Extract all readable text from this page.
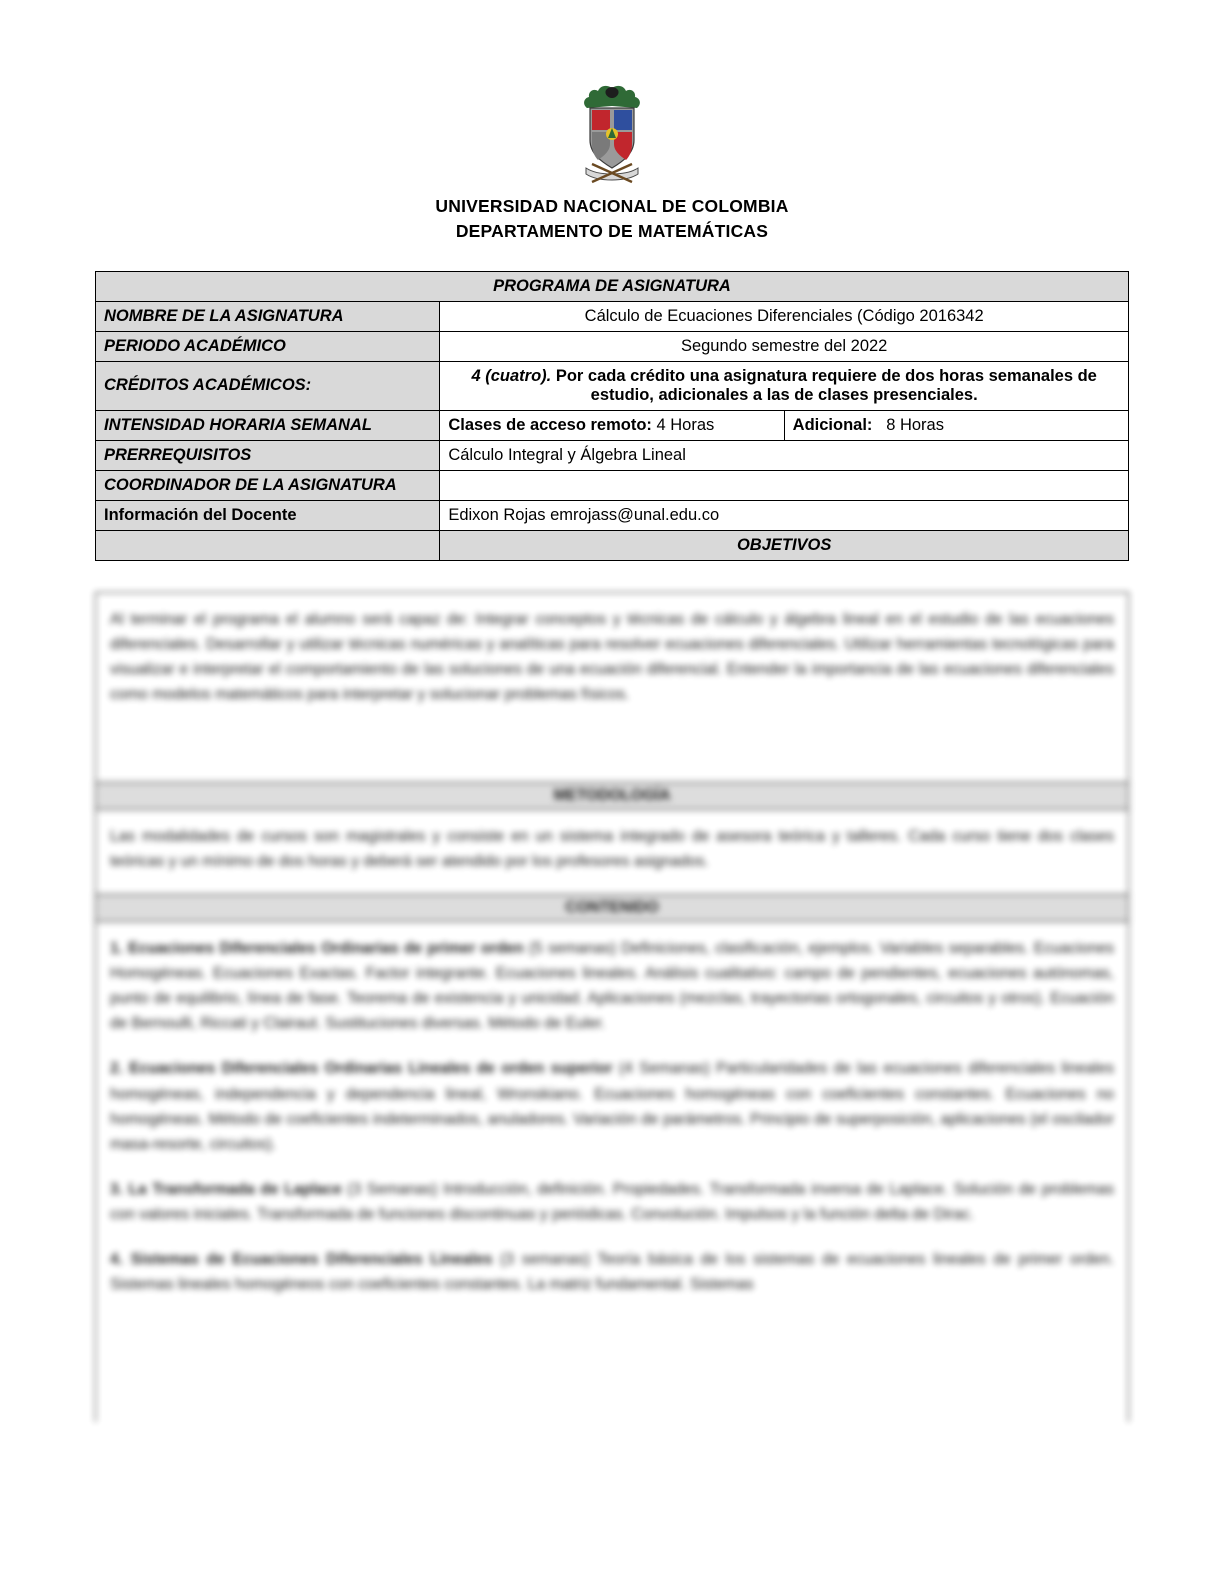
UNIVERSIDAD NACIONAL DE COLOMBIA
DEPARTAMENTO DE MATEMÁTICAS
PROGRAMA DE ASIGNATURA		
NOMBRE DE LA ASIGNATURA	Cálculo de Ecuaciones Diferenciales (Código 2016342	
PERIODO ACADÉMICO	Segundo semestre del 2022	
CRÉDITOS ACADÉMICOS:	4 (cuatro). Por cada crédito una asignatura requiere de dos horas semanales de estudio, adicionales a las de clases presenciales.	
INTENSIDAD HORARIA SEMANAL	Clases de acceso remoto: 4 Horas	Adicional: 8 Horas
PRERREQUISITOS	Cálculo Integral y Álgebra Lineal	
COORDINADOR DE LA ASIGNATURA		
Información del Docente	Edixon Rojas emrojass@unal.edu.co	
	OBJETIVOS	

Al terminar el programa el alumno será capaz de: Integrar conceptos y técnicas de cálculo y álgebra lineal en el estudio de las ecuaciones diferenciales. Desarrollar y utilizar técnicas numéricas y analíticas para resolver ecuaciones diferenciales. Utilizar herramientas tecnológicas para visualizar e interpretar el comportamiento de las soluciones de una ecuación diferencial. Entender la importancia de las ecuaciones diferenciales como modelos matemáticos para interpretar y solucionar problemas físicos.

METODOLOGÍA

Las modalidades de cursos son magistrales y consiste en un sistema integrado de asesora teórica y talleres. Cada curso tiene dos clases teóricas y un mínimo de dos horas y deberá ser atendido por los profesores asignados.

CONTENIDO

1. Ecuaciones Diferenciales Ordinarias de primer orden (5 semanas) Definiciones, clasificación, ejemplos. Variables separables. Ecuaciones Homogéneas. Ecuaciones Exactas. Factor integrante. Ecuaciones lineales. Análisis cualitativo: campo de pendientes, ecuaciones autónomas, punto de equilibrio, línea de fase. Teorema de existencia y unicidad. Aplicaciones (mezclas, trayectorias ortogonales, circuitos y otros). Ecuación de Bernoulli, Riccati y Clairaut. Sustituciones diversas. Método de Euler.

2. Ecuaciones Diferenciales Ordinarias Lineales de orden superior (4 Semanas) Particularidades de las ecuaciones diferenciales lineales homogéneas, independencia y dependencia lineal, Wronskiano. Ecuaciones homogéneas con coeficientes constantes. Ecuaciones no homogéneas. Método de coeficientes indeterminados, anuladores. Variación de parámetros. Principio de superposición, aplicaciones (el oscilador masa-resorte, circuitos).

3. La Transformada de Laplace (3 Semanas) Introducción, definición. Propiedades. Transformada inversa de Laplace. Solución de problemas con valores iniciales. Transformada de funciones discontinuas y periódicas. Convolución. Impulsos y la función delta de Dirac.

4. Sistemas de Ecuaciones Diferenciales Lineales (3 semanas) Teoría básica de los sistemas de ecuaciones lineales de primer orden. Sistemas lineales homogéneos con coeficientes constantes. La matriz fundamental. Sistemas
